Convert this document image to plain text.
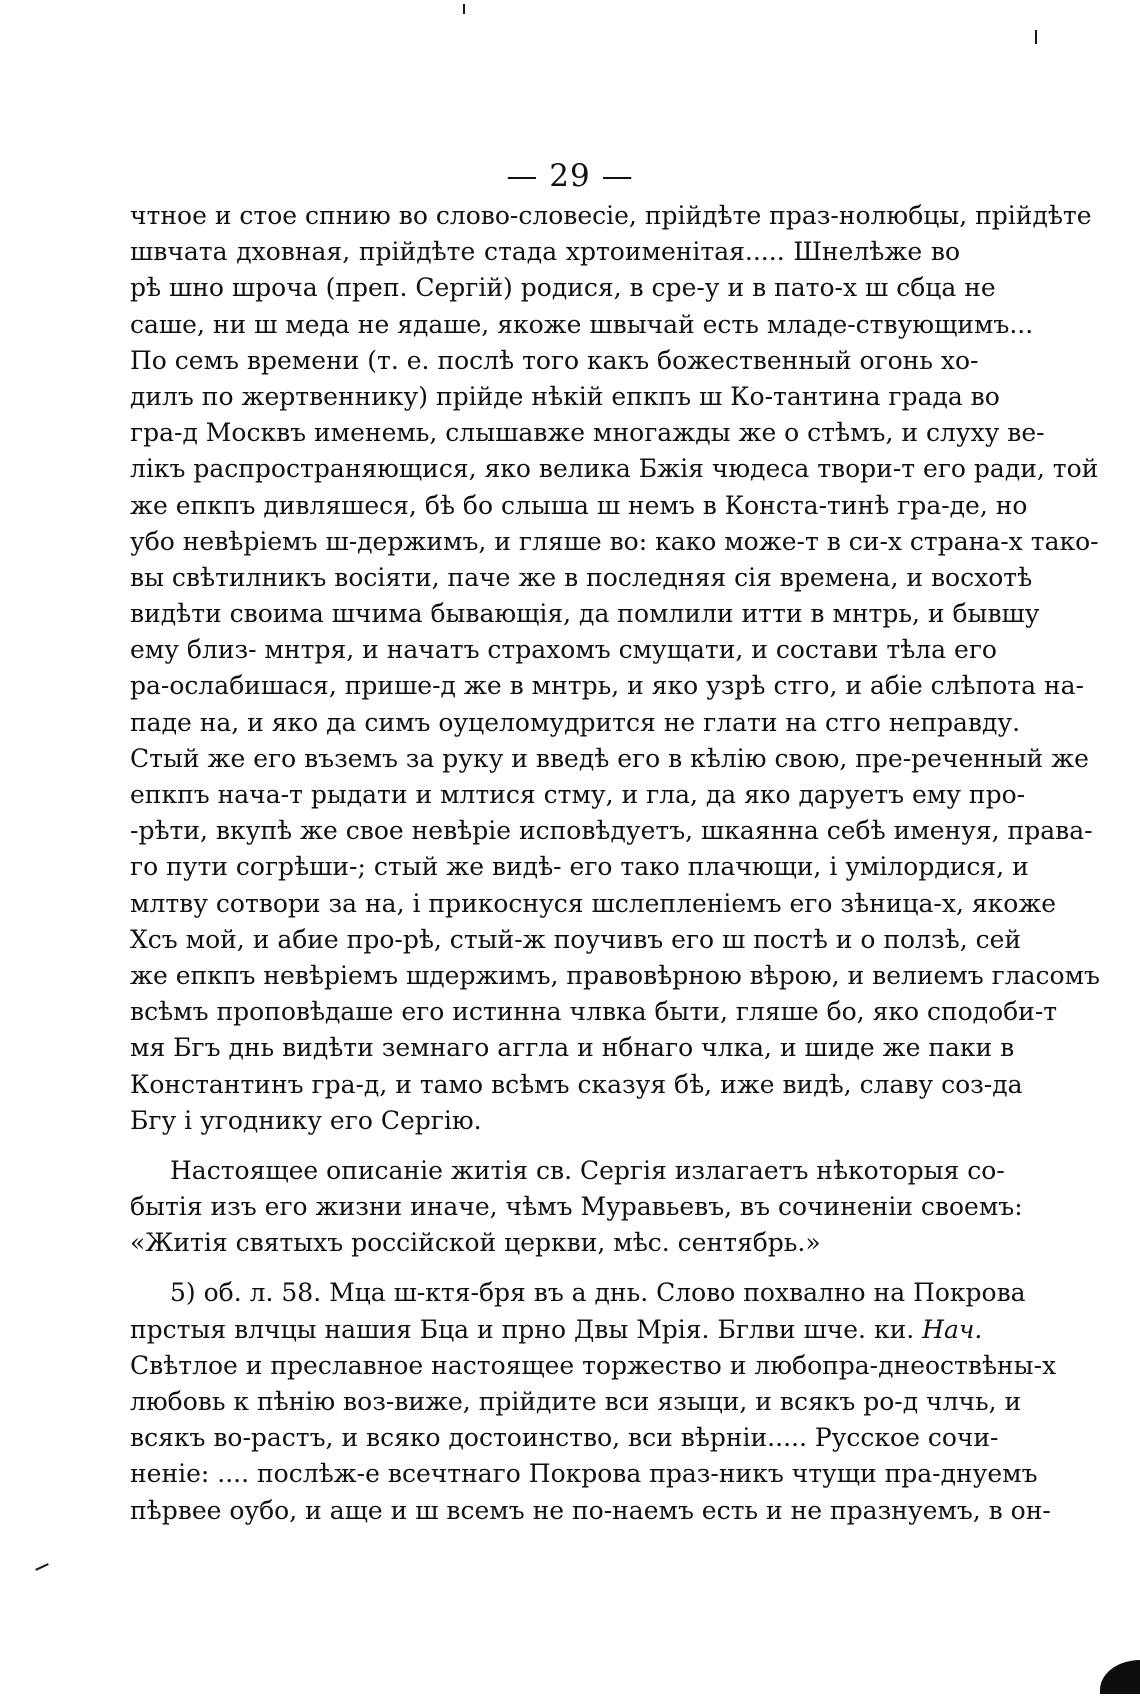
— 29 —
чтное и стое спнию во слово-словесіе, прійдѣте праз-нолюбцы, прійдѣте
швчата дховная, прійдѣте стада хртоименітая..... Шнелѣже во
рѣ шно шроча (преп. Сергій) родися, в сре-у и в пато-х ш сбца не
сашe, ни ш меда не ядаше, якоже швычай есть младе-ствующимъ...
По семъ времени (т. е. послѣ того какъ божественный огонь хо-
дилъ по жертвеннику) прійде нѣкій епкпъ ш Ко-тантина града во
гра-д Москвъ именемь, слышавже многажды же о стѣмъ, и слуху ве-
лікъ распространяющися, яко велика Бжія чюдеса твори-т его ради, той
же епкпъ дивляшеся, бѣ бо слыша ш немъ в Конста-тинѣ гра-де, но
убо невѣріемъ ш-держимъ, и гляше во: како може-т в си-х страна-х тако-
вы свѣтилникъ восіяти, паче же в последняя сія времена, и восхотѣ
видѣти своима шчима бывающія, да помлили итти в мнтрь, и бывшу
ему близ- мнтря, и начатъ страхомъ смущати, и состави тѣла его
ра-ослабишася, прише-д же в мнтрь, и яко узрѣ стго, и абіе слѣпота на-
паде на, и яко да симъ оуцеломудрится не глати на стго неправду.
Стый же его въземъ за руку и введѣ его в кѣлію свою, пре-реченный же
епкпъ нача-т рыдати и млтися стму, и гла, да яко даруетъ ему про-
-рѣти, вкупѣ же свое невѣріе исповѣдуетъ, шкаянна себѣ именуя, правa-
го пути согрѣши-; стый же видѣ- его тако плачющи, і умілордися, и
млтву сотвори за на, і прикоснуся шслепленіемъ его зѣница-х, якоже
Хсъ мой, и абие про-рѣ, стый-ж поучивъ его ш постѣ и о ползѣ, сей
же епкпъ невѣріемъ шдержимъ, правовѣрною вѣрою, и велиемъ гласомъ
всѣмъ проповѣдаше его истинна члвка быти, гляше бо, яко сподоби-т
мя Бгъ днь видѣти земнаго аггла и нбнаго члка, и шиде же паки в
Констaнтинъ гра-д, и тамо всѣмъ сказуя бѣ, иже видѣ, славу соз-да
Бгу і угоднику его Сергію.
Настоящее описаніе житія св. Сергія излагаетъ нѣкоторыя со-
бытія изъ его жизни иначе, чѣмъ Муравьевъ, въ сочиненіи своемъ:
«Житія святыхъ россійской церкви, мѣс. сентябрь.»
5) об. л. 58. Мца ш-ктя-бря въ а днь. Слово похвално на Покрова
прстыя влчцы нашия Бца и прно Двы Мрія. Бглви шче. ки. Нач.
Свѣтлое и преславное настоящее торжество и любопра-днеоствѣны-х
любовь к пѣнію воз-вижe, прійдите вси языци, и всякъ ро-д члчь, и
всякъ во-растъ, и всяко достоинство, вси вѣрніи..... Русское сочи-
неніе: .... послѣж-е всечтнаго Покрова праз-никъ чтущи пра-днуемъ
пѣрвее оубо, и аще и ш всемъ не по-наемъ есть и не празнуемъ, в он-
